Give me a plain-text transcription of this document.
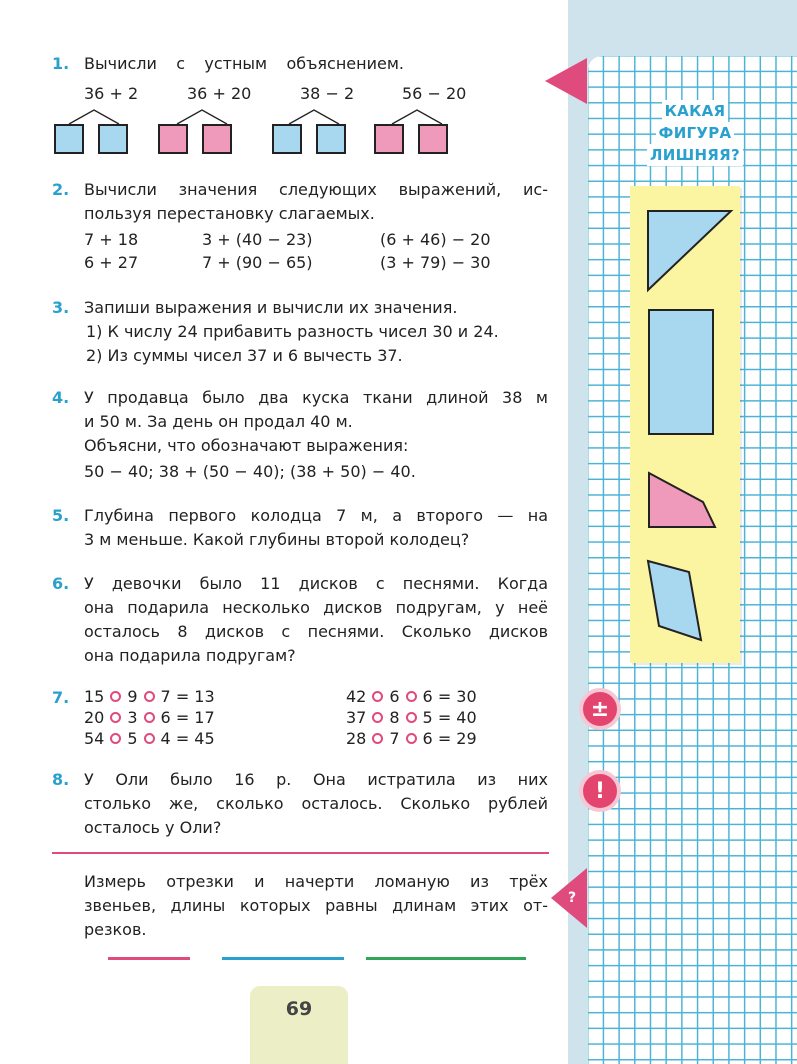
КАКАЯ
ФИГУРА
ЛИШНЯЯ?
±
!
?
1. Вычисли с устным объяснением.
36 + 2	36 + 20	38 − 2	56 − 20
2. Вычисли значения следующих выражений, ис-
пользуя перестановку слагаемых.
7 + 18	3 + (40 − 23)	(6 + 46) − 20
6 + 27	7 + (90 − 65)	(3 + 79) − 30
3. Запиши выражения и вычисли их значения.
1) К числу 24 прибавить разность чисел 30 и 24.
2) Из суммы чисел 37 и 6 вычесть 37.
4. У продавца было два куска ткани длиной 38 м
и 50 м. За день он продал 40 м.
Объясни, что обозначают выражения:
50 − 40; 38 + (50 − 40); (38 + 50) − 40.
5. Глубина первого колодца 7 м, а второго — на
3 м меньше. Какой глубины второй колодец?
6. У девочки было 11 дисков с песнями. Когда
она подарила несколько дисков подругам, у неё
осталось 8 дисков с песнями. Сколько дисков
она подарила подругам?
7. 15 9 7 = 13
20 3 6 = 17
54 5 4 = 45
42 6 6 = 30
37 8 5 = 40
28 7 6 = 29
8. У Оли было 16 р. Она истратила из них
столько же, сколько осталось. Сколько рублей
осталось у Оли?
Измерь отрезки и начерти ломаную из трёх
звеньев, длины которых равны длинам этих от-
резков.
69
